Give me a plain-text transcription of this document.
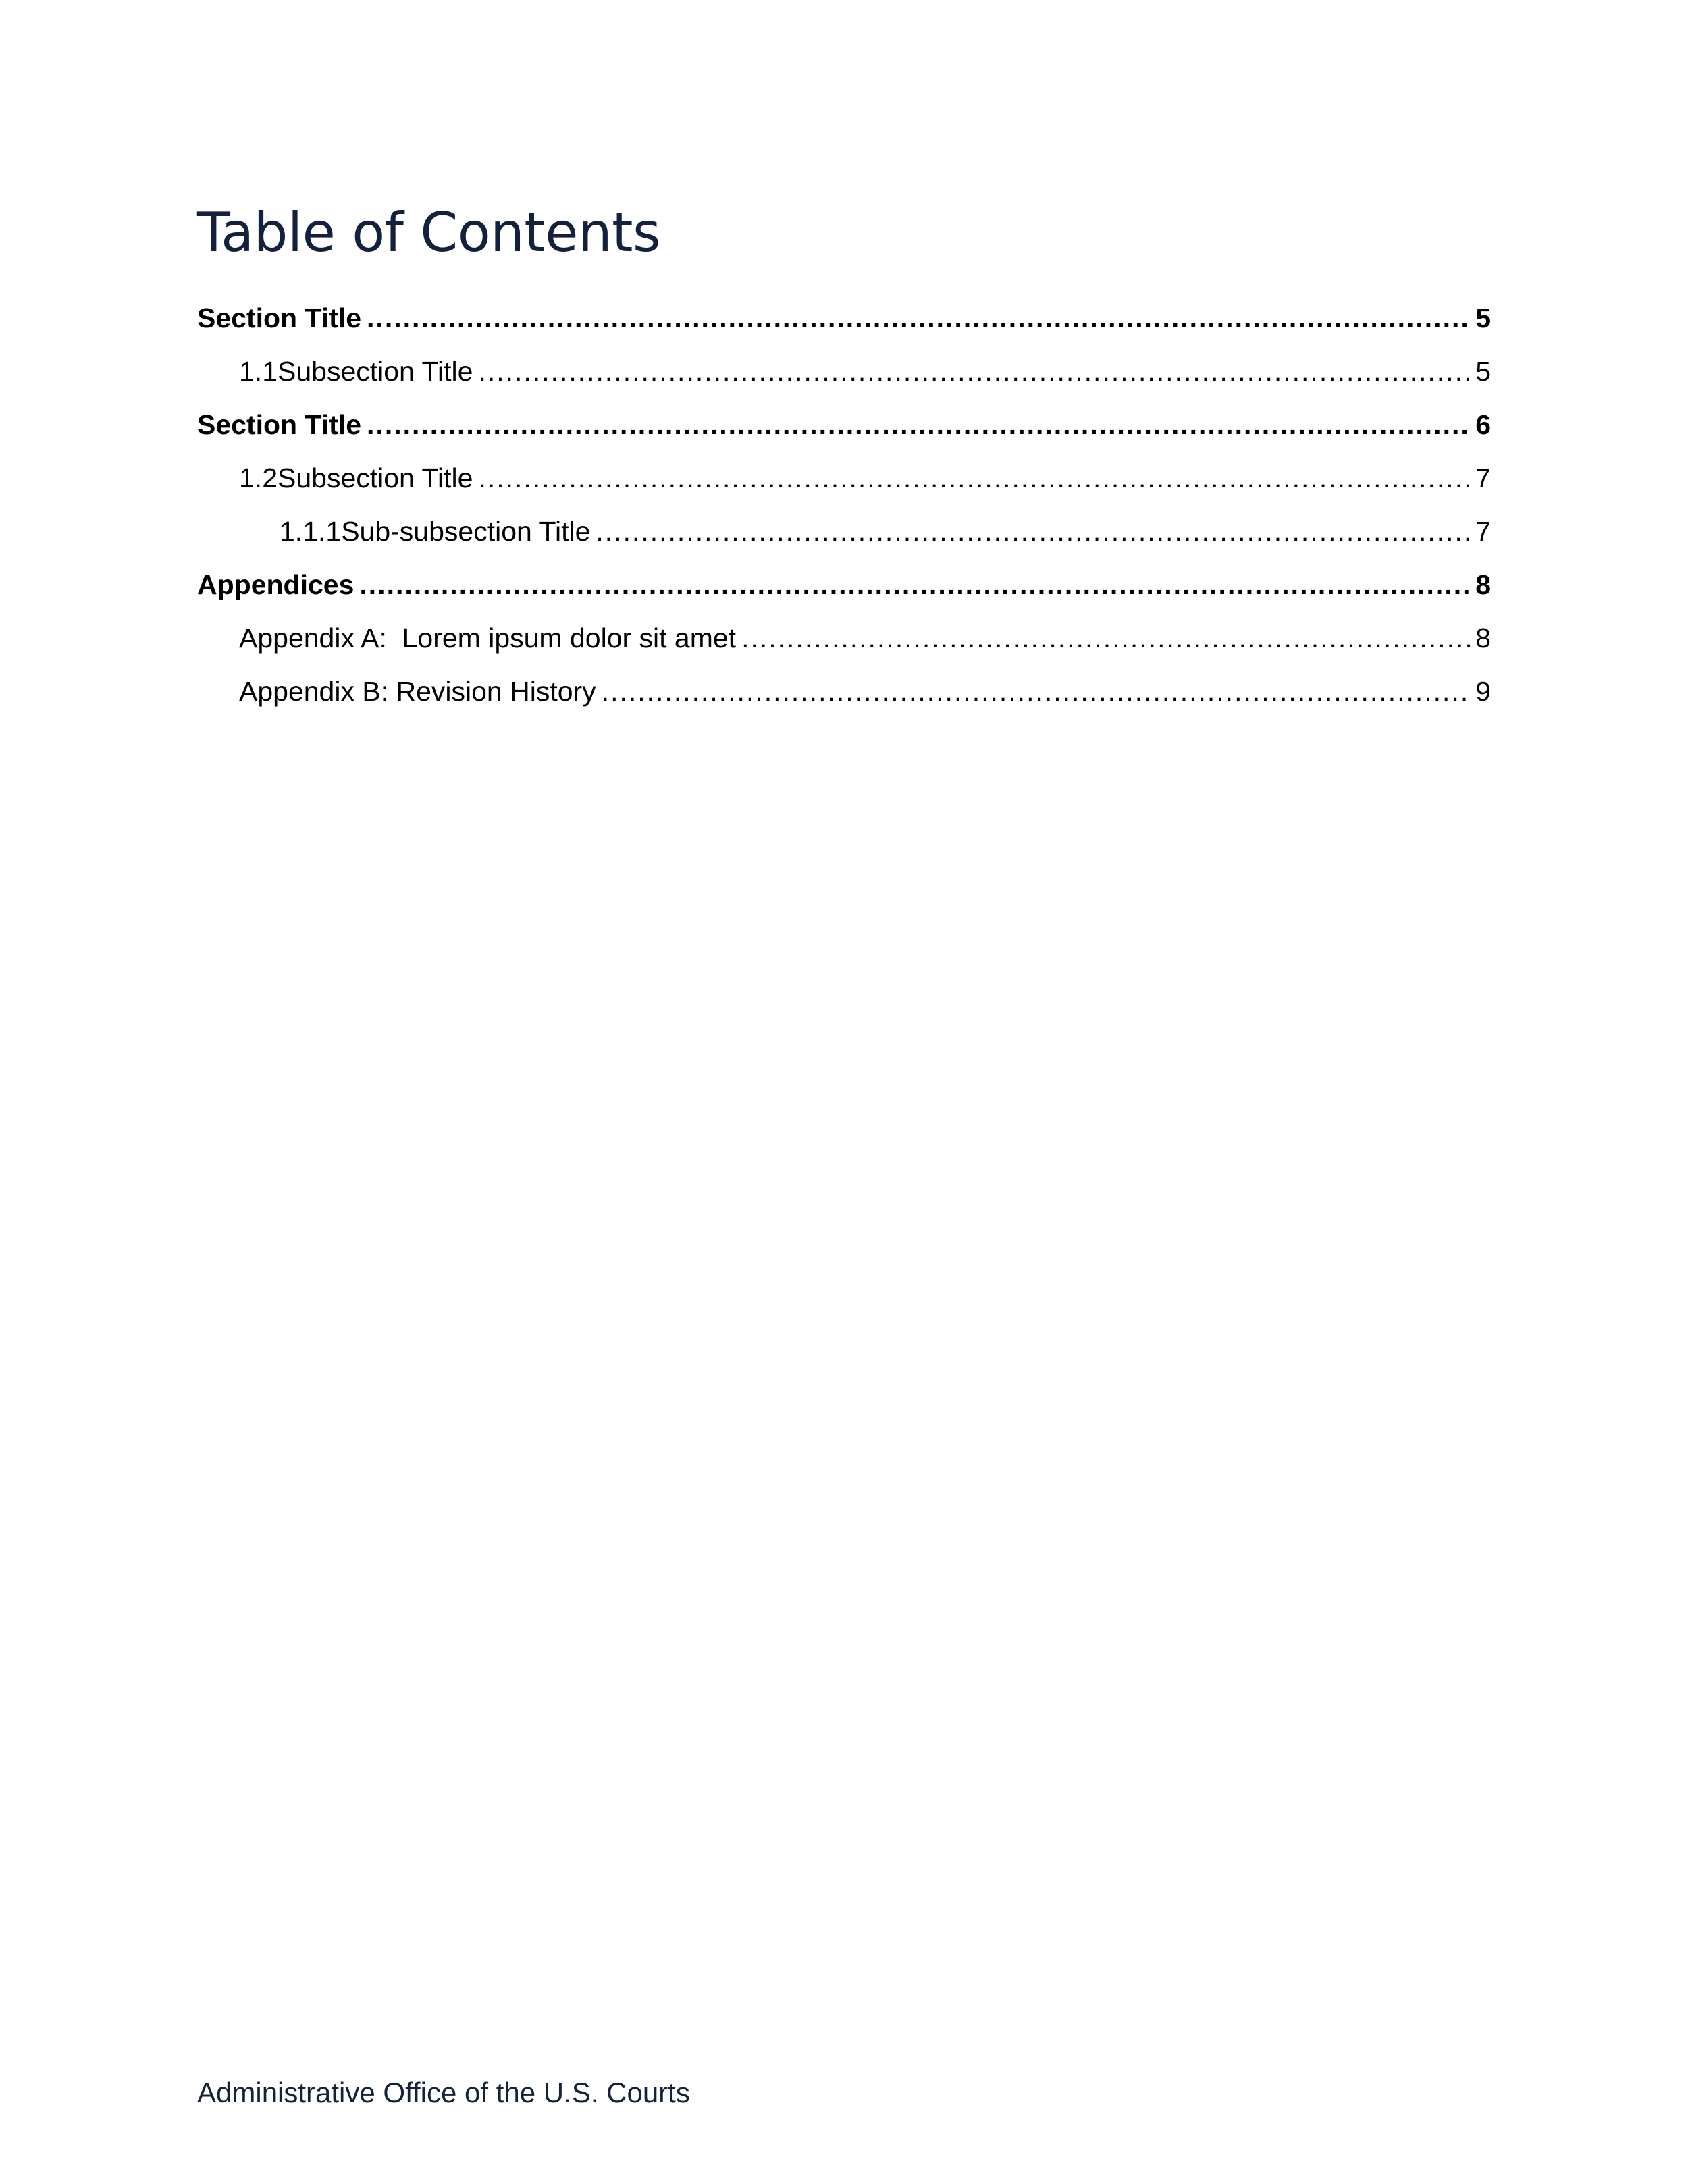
Table of Contents
Section Title .....	5
1.1 Subsection Title .....	5
Section Title .....	6
1.2 Subsection Title .....	7
1.1.1 Sub-subsection Title .....	7
Appendices .....	8
Appendix A:  Lorem ipsum dolor sit amet .....	8
Appendix B: Revision History .....	9
Administrative Office of the U.S. Courts
